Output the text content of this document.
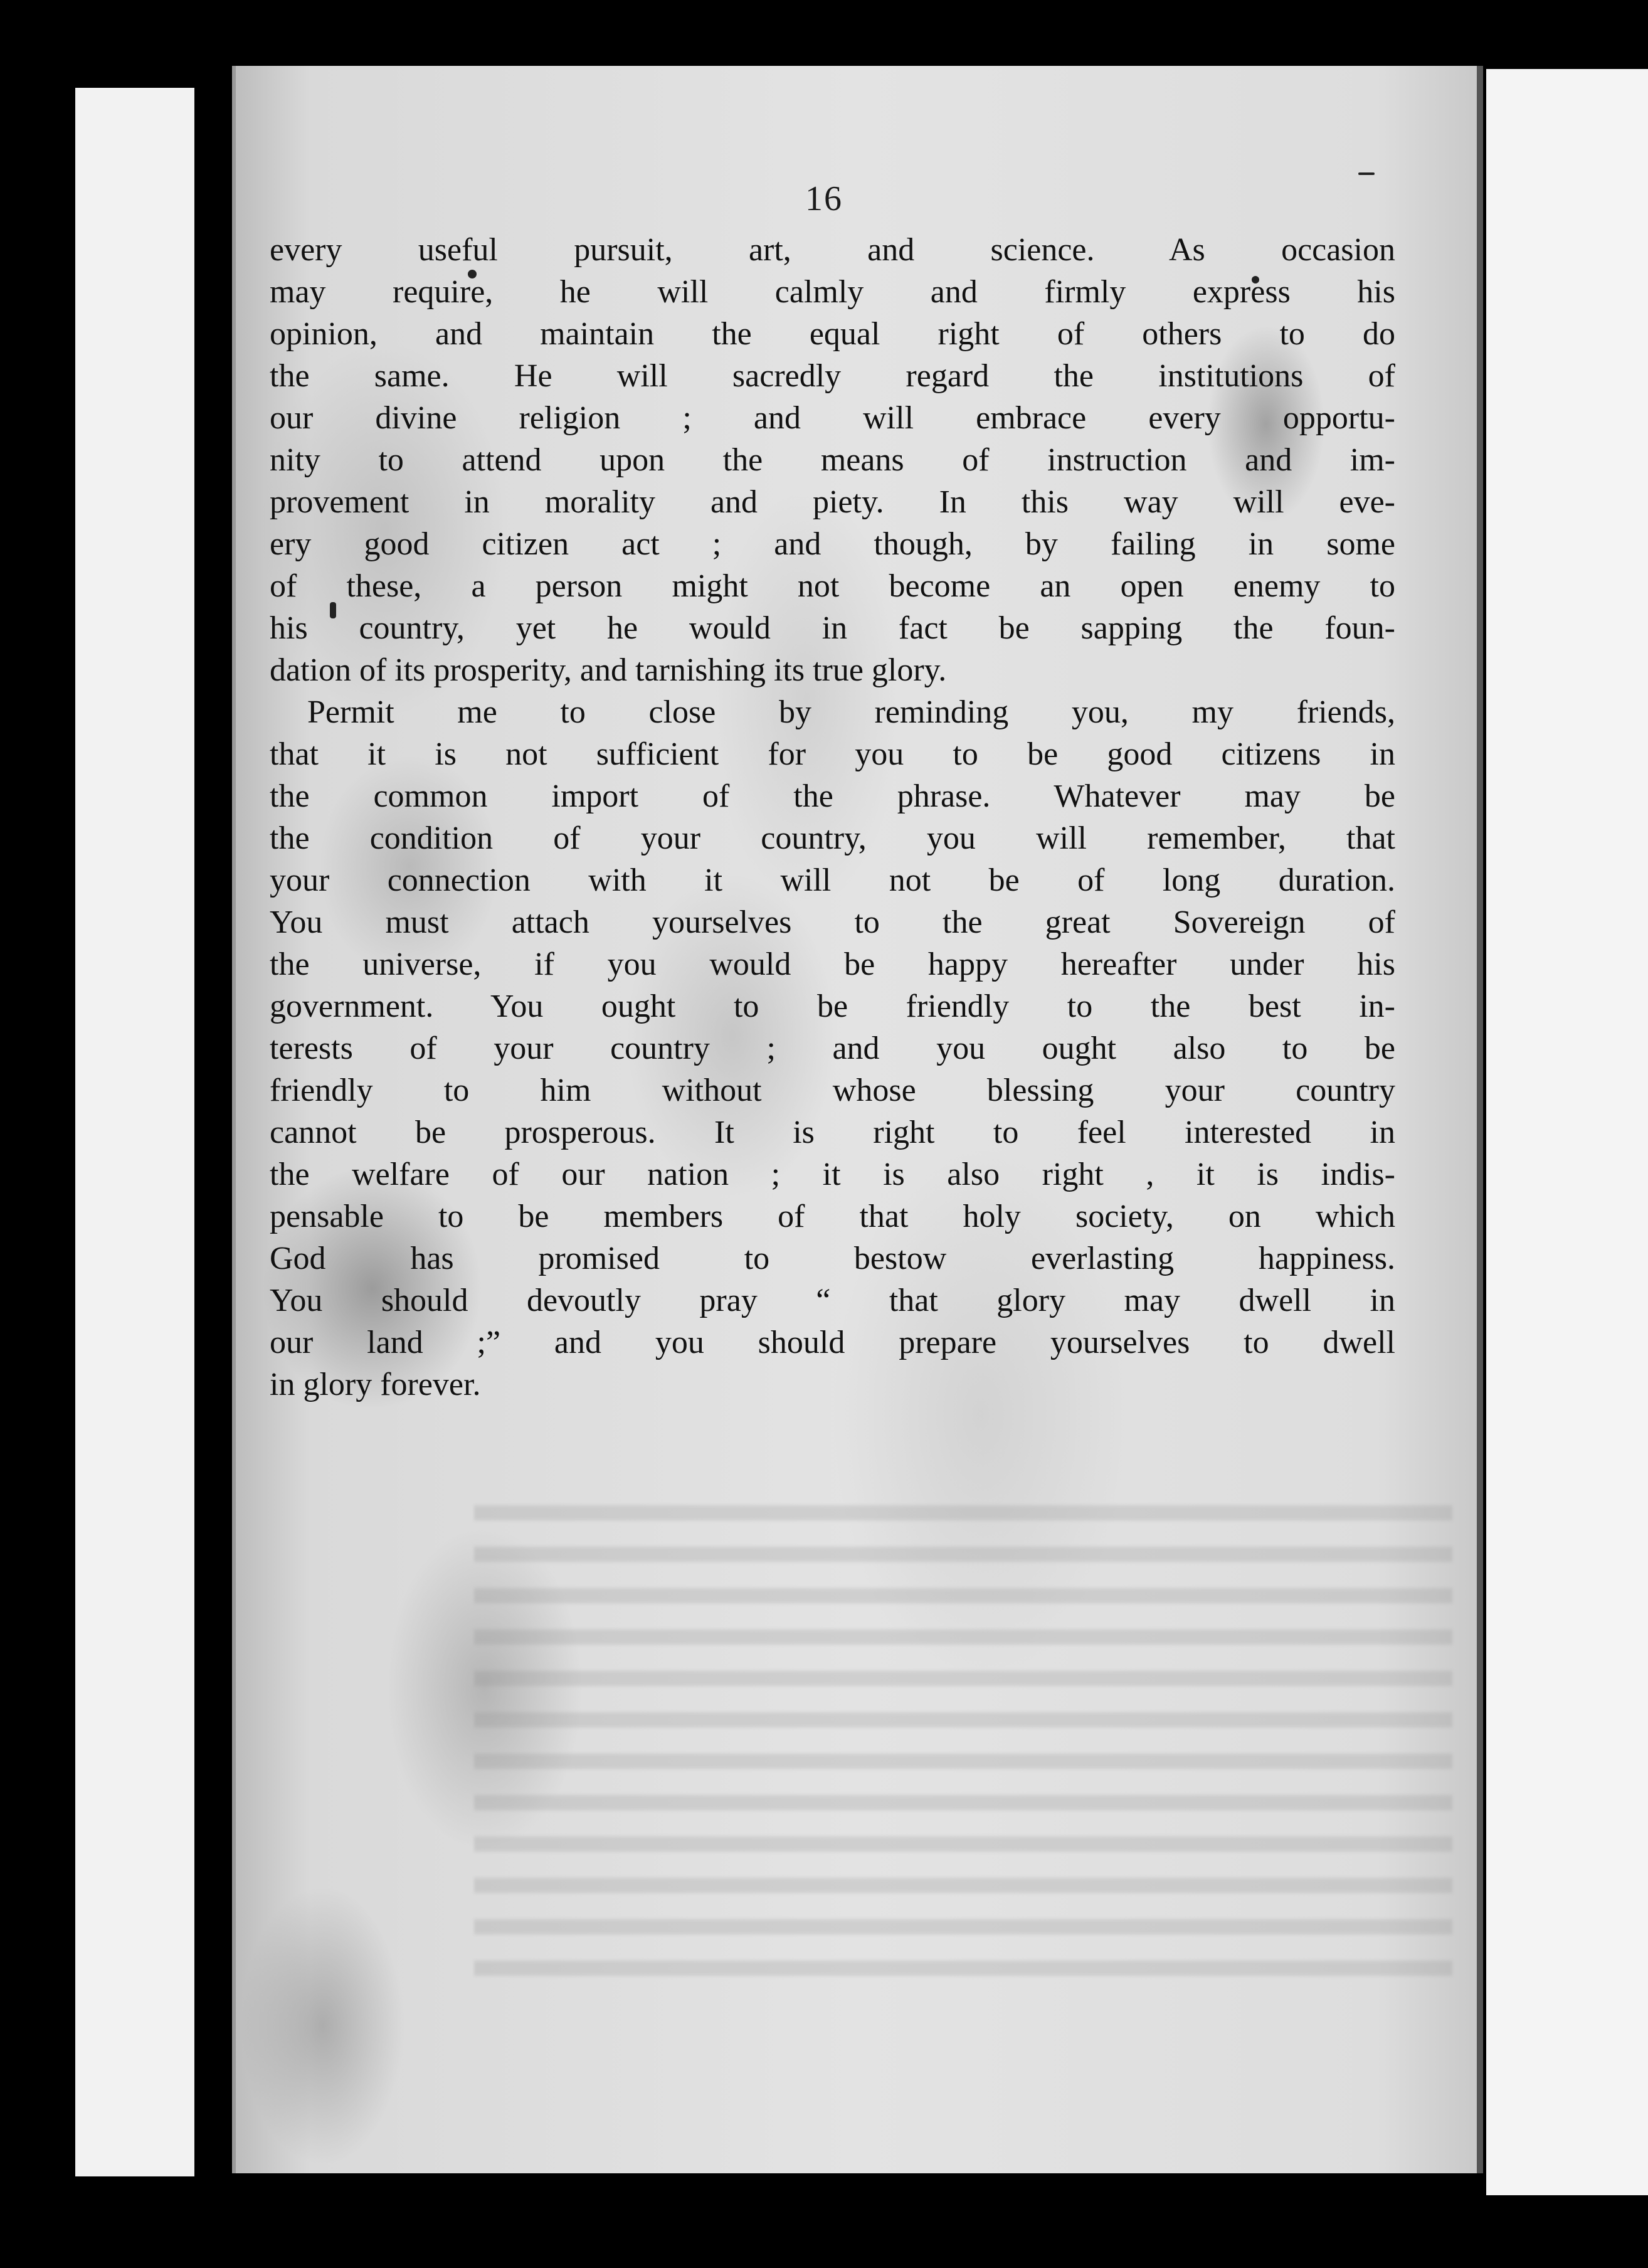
16
every useful pursuit, art, and science. As occasion
may require, he will calmly and firmly express his
opinion, and maintain the equal right of others to do
the same. He will sacredly regard the institutions of
our divine religion ; and will embrace every opportu-
nity to attend upon the means of instruction and im-
provement in morality and piety. In this way will eve-
ery good citizen act ; and though, by failing in some
of these, a person might not become an open enemy to
his country, yet he would in fact be sapping the foun-
dation of its prosperity, and tarnishing its true glory.
Permit me to close by reminding you, my friends,
that it is not sufficient for you to be good citizens in
the common import of the phrase. Whatever may be
the condition of your country, you will remember, that
your connection with it will not be of long duration.
You must attach yourselves to the great Sovereign of
the universe, if you would be happy hereafter under his
government. You ought to be friendly to the best in-
terests of your country ; and you ought also to be
friendly to him without whose blessing your country
cannot be prosperous. It is right to feel interested in
the welfare of our nation ; it is also right , it is indis-
pensable to be members of that holy society, on which
God has promised to bestow everlasting happiness.
You should devoutly pray “ that glory may dwell in
our land ;” and you should prepare yourselves to dwell
in glory forever.
